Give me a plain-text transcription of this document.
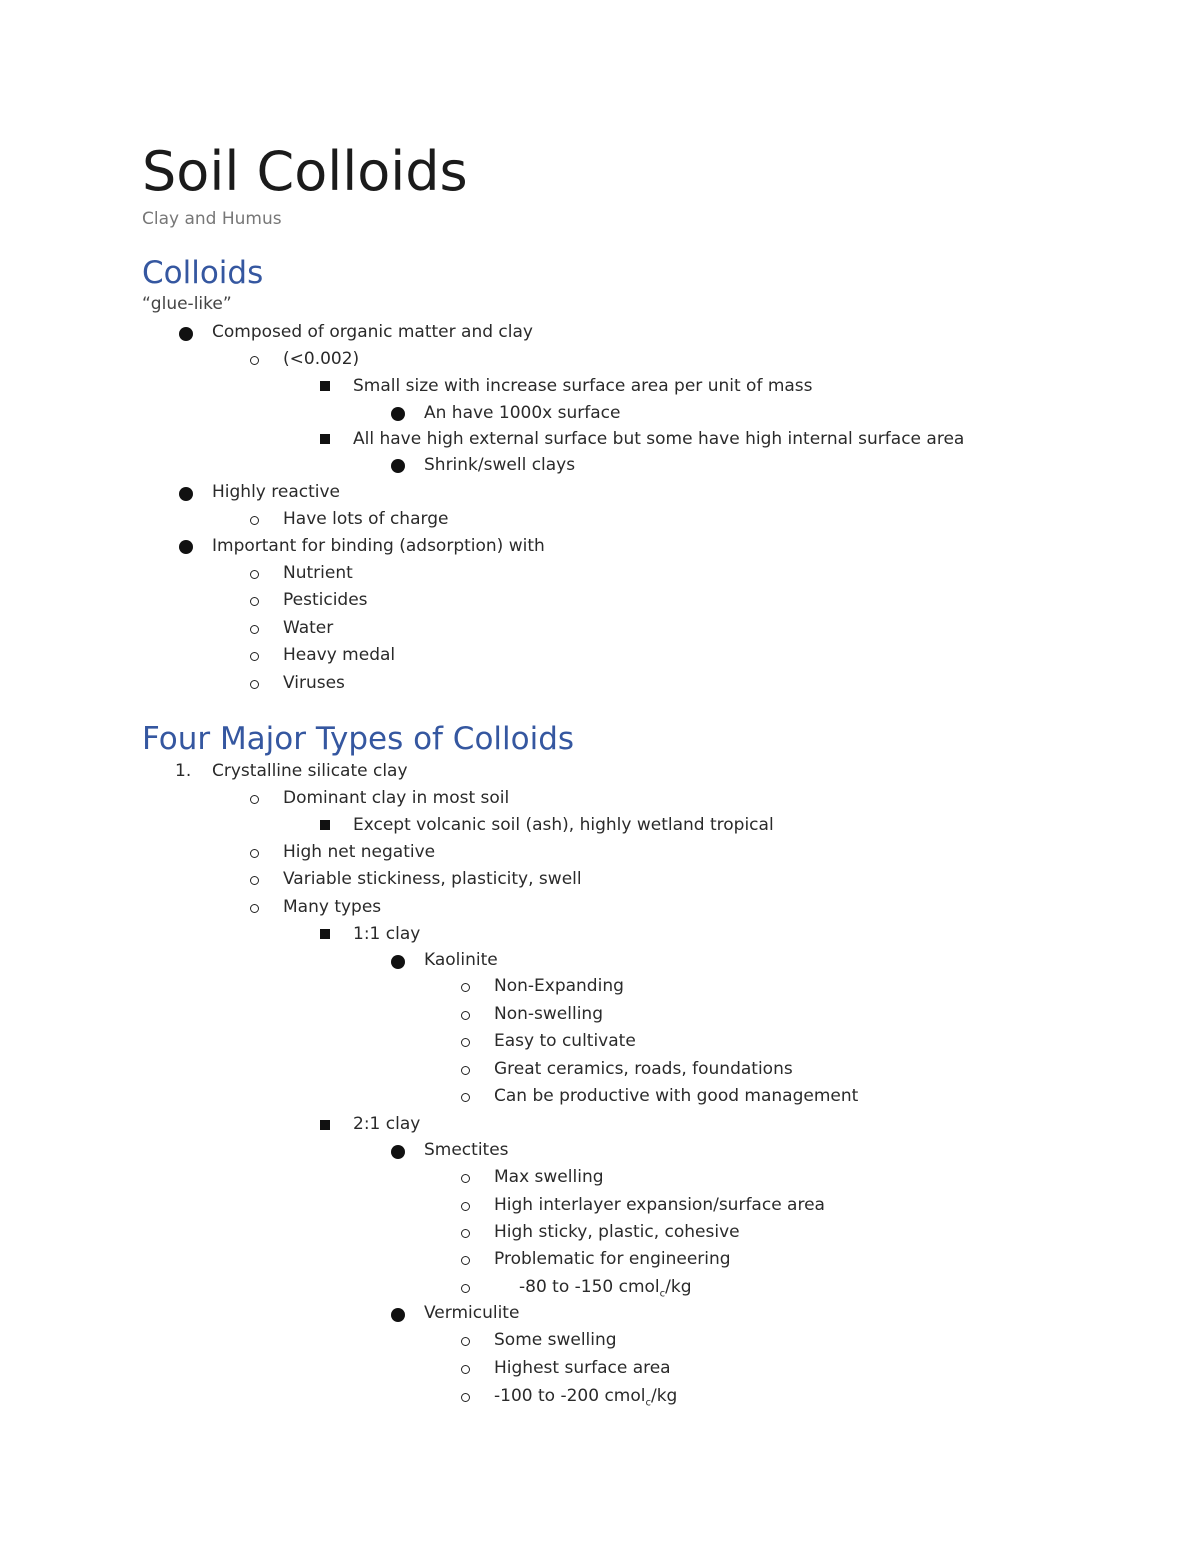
Soil Colloids
Clay and Humus
Colloids
“glue-like”
Composed of organic matter and clay
(<0.002)
Small size with increase surface area per unit of mass
An have 1000x surface
All have high external surface but some have high internal surface area
Shrink/swell clays
Highly reactive
Have lots of charge
Important for binding (adsorption) with
Nutrient
Pesticides
Water
Heavy medal
Viruses
Four Major Types of Colloids
1. Crystalline silicate clay
Dominant clay in most soil
Except volcanic soil (ash), highly wetland tropical
High net negative
Variable stickiness, plasticity, swell
Many types
1:1 clay
Kaolinite
Non-Expanding
Non-swelling
Easy to cultivate
Great ceramics, roads, foundations
Can be productive with good management
2:1 clay
Smectites
Max swelling
High interlayer expansion/surface area
High sticky, plastic, cohesive
Problematic for engineering
-80 to -150 cmol$_c$/kg
Vermiculite
Some swelling
Highest surface area
-100 to -200 cmol$_c$/kg
